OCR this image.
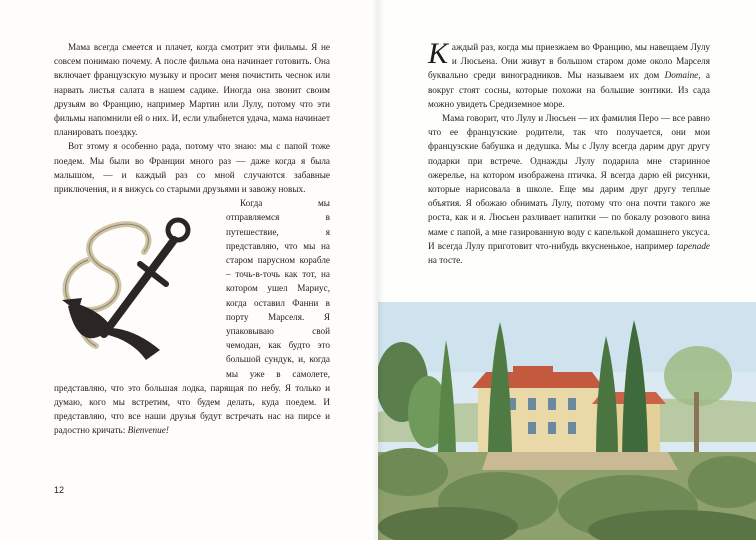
Мама всегда смеется и плачет, когда смотрит эти фильмы. Я не совсем понимаю почему. А после фильма она начинает готовить. Она включает французскую музыку и просит меня почистить чеснок или нарвать листья салата в нашем садике. Иногда она звонит своим друзьям во Францию, например Мартин или Лулу, потому что эти фильмы напомнили ей о них. И, если улыбнется удача, мама начинает планировать поездку.

Вот этому я особенно рада, потому что знаю: мы с папой тоже поедем. Мы были во Франции много раз — даже когда я была малышом, — и каждый раз со мной случаются забавные приключения, и я вижусь со старыми друзьями и завожу новых.

Когда мы отправляемся в путешествие, я представляю, что мы на старом парусном корабле – точь-в-точь как тот, на котором ушел Мариус, когда оставил Фанни в порту Марселя. Я упаковываю свой чемодан, как будто это большой сундук, и, когда мы уже в самолете, представляю, что это большая лодка, парящая по небу. Я только и думаю, кого мы встретим, что будем делать, куда поедем. И представляю, что все наши друзья будут встречать нас на пирсе и радостно кричать: Bienvenue!

12

Каждый раз, когда мы приезжаем во Францию, мы навещаем Лулу и Люсьена. Они живут в большом старом доме около Марселя буквально среди виноградников. Мы называем их дом Domaine, а вокруг стоят сосны, которые похожи на большие зонтики. Из сада можно увидеть Средиземное море.

Мама говорит, что Лулу и Люсьен — их фамилия Перо — все равно что ее французские родители, так что получается, они мои французские бабушка и дедушка. Мы с Лулу всегда дарим друг другу подарки при встрече. Однажды Лулу подарила мне старинное ожерелье, на котором изображена птичка. Я всегда дарю ей рисунки, которые нарисовала в школе. Еще мы дарим друг другу теплые объятия. Я обожаю обнимать Лулу, потому что она почти такого же роста, как и я. Люсьен разливает напитки — по бокалу розового вина маме с папой, а мне газированную воду с капелькой домашнего уксуса. И всегда Лулу приготовит что-нибудь вкусненькое, например tapenade на тосте.
